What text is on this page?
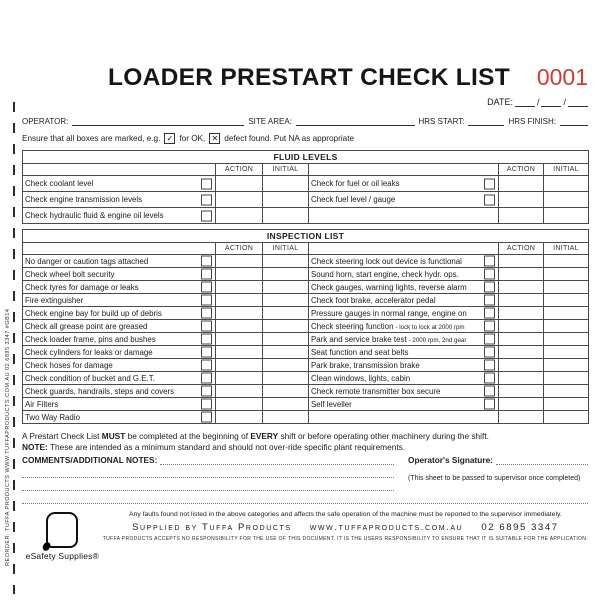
REORDER: TUFFA PRODUCTS WWW.TUFFAPRODUCTS.COM.AU 02 6895 3347 #GB14
LOADER PRESTART CHECK LIST 0001
DATE:	/	/
OPERATOR:	SITE AREA:	HRS START:	HRS FINISH:
Ensure that all boxes are marked, e.g. ✓ for OK, ✕ defect found. Put NA as appropriate
FLUID LEVELS					
	ACTION	INITIAL		ACTION	INITIAL
Check coolant level			Check for fuel or oil leaks

Check engine transmission levels			Check fuel level / gauge

Check hydraulic fluid & engine oil levels

INSPECTION LIST					
	ACTION	INITIAL		ACTION	INITIAL
No danger or caution tags attached			Check steering lock out device is functional

Check wheel bolt security			Sound horn, start engine, check hydr. ops.

Check tyres for damage or leaks			Check gauges, warning lights, reverse alarm

Fire extinguisher			Check foot brake, accelerator pedal

Check engine bay for build up of debris			Pressure gauges in normal range, engine on

Check all grease point are greased			Check steering function - lock to lock at 2000 rpm

Check loader frame, pins and bushes			Park and service brake test - 2000 rpm, 2nd gear

Check cylinders for leaks or damage			Seat function and seat belts

Check hoses for damage			Park brake, transmission brake

Check condition of bucket and G.E.T.			Clean windows, lights, cabin

Check guards, handrails, steps and covers			Check remote transmitter box secure

Air Filters			Self leveller

Two Way Radio

A Prestart Check List MUST be completed at the beginning of EVERY shift or before operating other machinery during the shift.
NOTE: These are intended as a minimum standard and should not over-ride specific plant requirements.
COMMENTS/ADDITIONAL NOTES:	Operator's Signature:
(This sheet to be passed to supervisor once completed)
eSafety Supplies®
Any faults found not listed in the above categories and affects the safe operation of the machine must be reported to the supervisor immediately.
Supplied by Tuffa Products www.tuffaproducts.com.au 02 6895 3347
TUFFA PRODUCTS ACCEPTS NO RESPONSIBILITY FOR THE USE OF THIS DOCUMENT. IT IS THE USERS RESPONSIBILITY TO ENSURE THAT IT IS SUITABLE FOR THE APPLICATION.
